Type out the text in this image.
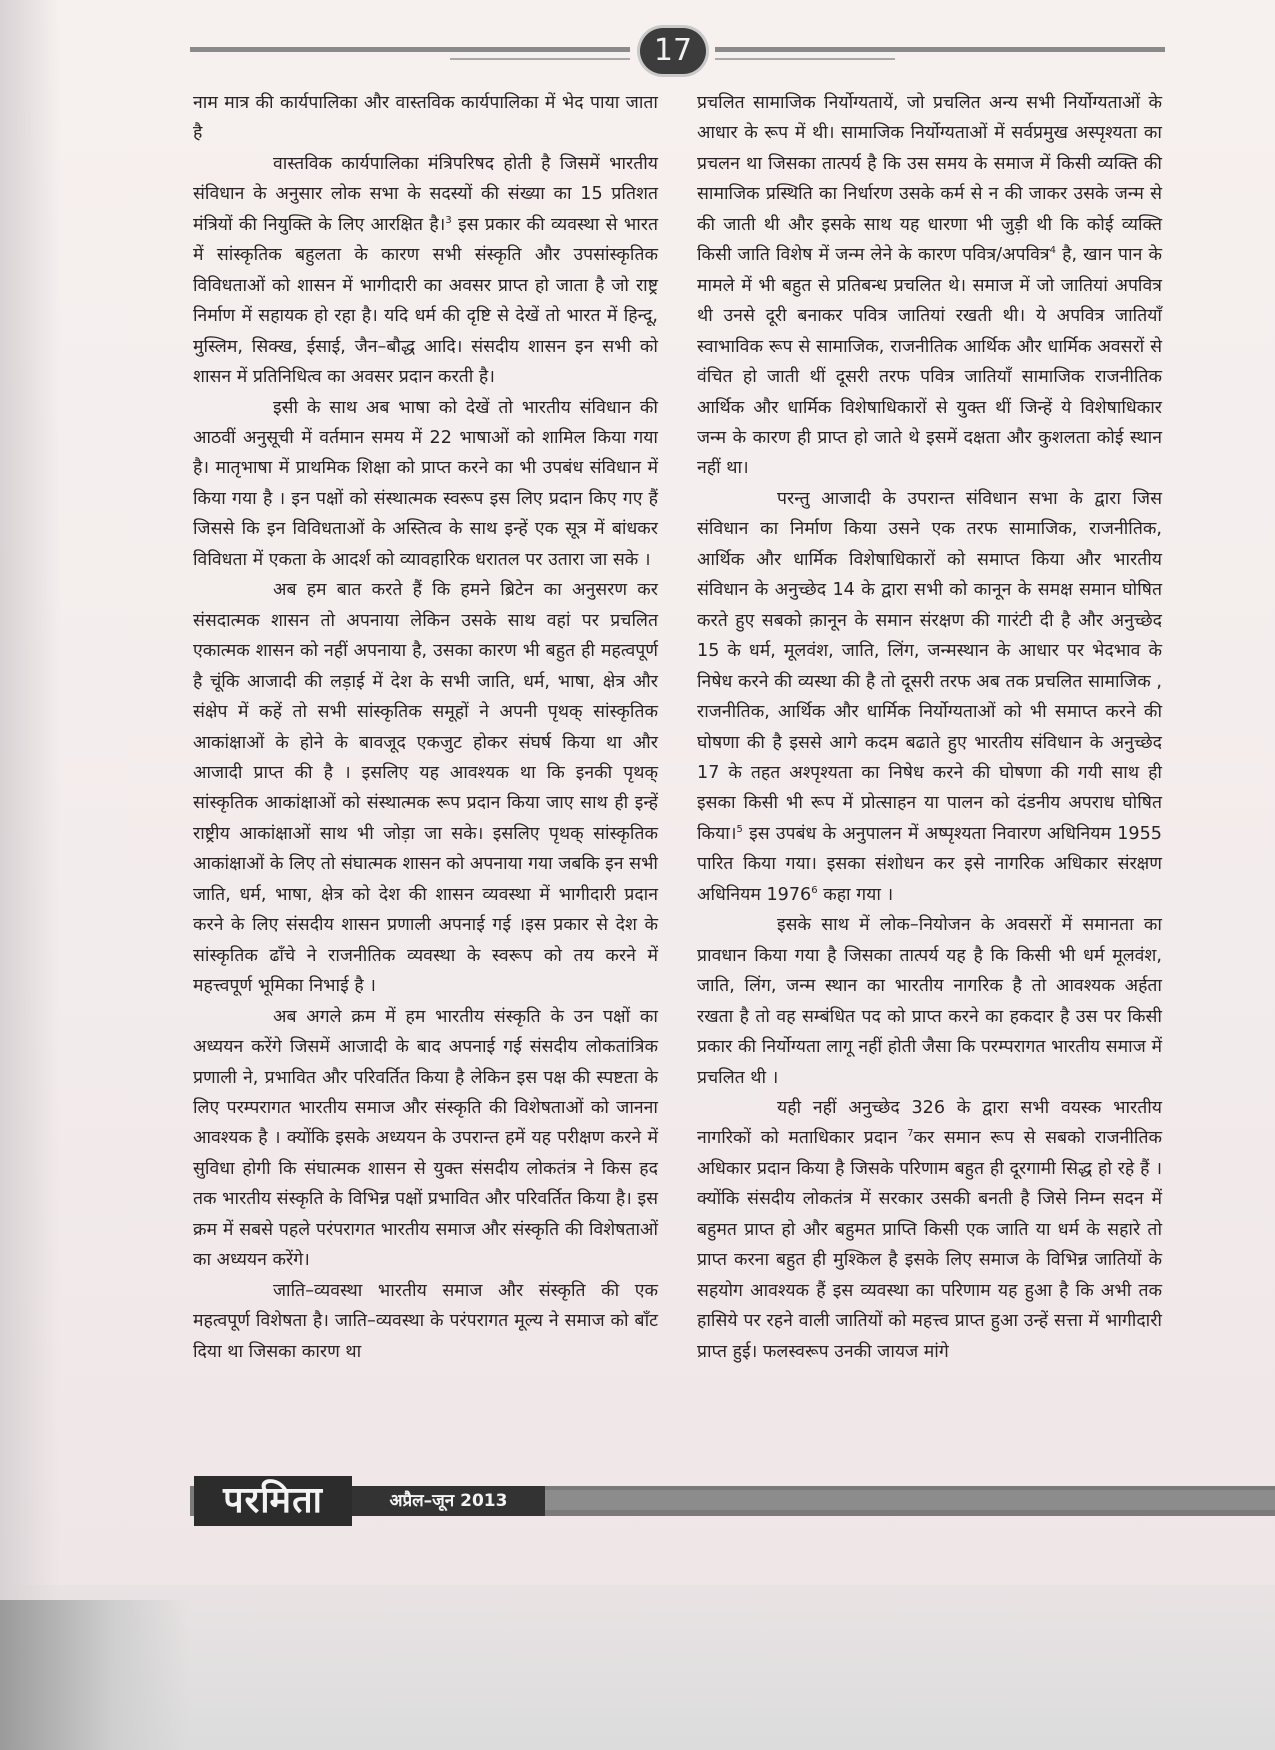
17

नाम मात्र की कार्यपालिका और वास्तविक कार्यपालिका में भेद पाया जाता है

वास्तविक कार्यपालिका मंत्रिपरिषद होती है जिसमें भारतीय संविधान के अनुसार लोक सभा के सदस्यों की संख्या का 15 प्रतिशत मंत्रियों की नियुक्ति के लिए आरक्षित है।$^3$ इस प्रकार की व्यवस्था से भारत में सांस्कृतिक बहुलता के कारण सभी संस्कृति और उपसांस्कृतिक विविधताओं को शासन में भागीदारी का अवसर प्राप्त हो जाता है जो राष्ट्र निर्माण में सहायक हो रहा है। यदि धर्म की दृष्टि से देखें तो भारत में हिन्दू, मुस्लिम, सिक्ख, ईसाई, जैन–बौद्ध आदि। संसदीय शासन इन सभी को शासन में प्रतिनिधित्व का अवसर प्रदान करती है।

इसी के साथ अब भाषा को देखें तो भारतीय संविधान की आठवीं अनुसूची में वर्तमान समय में 22 भाषाओं को शामिल किया गया है। मातृभाषा में प्राथमिक शिक्षा को प्राप्त करने का भी उपबंध संविधान में किया गया है । इन पक्षों को संस्थात्मक स्वरूप इस लिए प्रदान किए गए हैं जिससे कि इन विविधताओं के अस्तित्व के साथ इन्हें एक सूत्र में बांधकर विविधता में एकता के आदर्श को व्यावहारिक धरातल पर उतारा जा सके ।

अब हम बात करते हैं कि हमने ब्रिटेन का अनुसरण कर संसदात्मक शासन तो अपनाया लेकिन उसके साथ वहां पर प्रचलित एकात्मक शासन को नहीं अपनाया है, उसका कारण भी बहुत ही महत्वपूर्ण है चूंकि आजादी की लड़ाई में देश के सभी जाति, धर्म, भाषा, क्षेत्र और संक्षेप में कहें तो सभी सांस्कृतिक समूहों ने अपनी पृथक् सांस्कृतिक आकांक्षाओं के होने के बावजूद एकजुट होकर संघर्ष किया था और आजादी प्राप्त की है । इसलिए यह आवश्यक था कि इनकी पृथक् सांस्कृतिक आकांक्षाओं को संस्थात्मक रूप प्रदान किया जाए साथ ही इन्हें राष्ट्रीय आकांक्षाओं साथ भी जोड़ा जा सके। इसलिए पृथक् सांस्कृतिक आकांक्षाओं के लिए तो संघात्मक शासन को अपनाया गया जबकि इन सभी जाति, धर्म, भाषा, क्षेत्र को देश की शासन व्यवस्था में भागीदारी प्रदान करने के लिए संसदीय शासन प्रणाली अपनाई गई ।इस प्रकार से देश के सांस्कृतिक ढाँचे ने राजनीतिक व्यवस्था के स्वरूप को तय करने में महत्त्वपूर्ण भूमिका निभाई है ।

अब अगले क्रम में हम भारतीय संस्कृति के उन पक्षों का अध्ययन करेंगे जिसमें आजादी के बाद अपनाई गई संसदीय लोकतांत्रिक प्रणाली ने, प्रभावित और परिवर्तित किया है लेकिन इस पक्ष की स्पष्टता के लिए परम्परागत भारतीय समाज और संस्कृति की विशेषताओं को जानना आवश्यक है । क्योंकि इसके अध्ययन के उपरान्त हमें यह परीक्षण करने में सुविधा होगी कि संघात्मक शासन से युक्त संसदीय लोकतंत्र ने किस हद तक भारतीय संस्कृति के विभिन्न पक्षों प्रभावित और परिवर्तित किया है। इस क्रम में सबसे पहले परंपरागत भारतीय समाज और संस्कृति की विशेषताओं का अध्ययन करेंगे।

जाति–व्यवस्था भारतीय समाज और संस्कृति की एक महत्वपूर्ण विशेषता है। जाति–व्यवस्था के परंपरागत मूल्य ने समाज को बाँट दिया था जिसका कारण था

प्रचलित सामाजिक निर्योग्यतायें, जो प्रचलित अन्य सभी निर्योग्यताओं के आधार के रूप में थी। सामाजिक निर्योग्यताओं में सर्वप्रमुख अस्पृश्यता का प्रचलन था जिसका तात्पर्य है कि उस समय के समाज में किसी व्यक्ति की सामाजिक प्रस्थिति का निर्धारण उसके कर्म से न की जाकर उसके जन्म से की जाती थी और इसके साथ यह धारणा भी जुड़ी थी कि कोई व्यक्ति किसी जाति विशेष में जन्म लेने के कारण पवित्र/अपवित्र$^4$ है, खान पान के मामले में भी बहुत से प्रतिबन्ध प्रचलित थे। समाज में जो जातियां अपवित्र थी उनसे दूरी बनाकर पवित्र जातियां रखती थी। ये अपवित्र जातियाँ स्वाभाविक रूप से सामाजिक, राजनीतिक आर्थिक और धार्मिक अवसरों से वंचित हो जाती थीं दूसरी तरफ पवित्र जातियाँ सामाजिक राजनीतिक आर्थिक और धार्मिक विशेषाधिकारों से युक्त थीं जिन्हें ये विशेषाधिकार जन्म के कारण ही प्राप्त हो जाते थे इसमें दक्षता और कुशलता कोई स्थान नहीं था।

परन्तु आजादी के उपरान्त संविधान सभा के द्वारा जिस संविधान का निर्माण किया उसने एक तरफ सामाजिक, राजनीतिक, आर्थिक और धार्मिक विशेषाधिकारों को समाप्त किया और भारतीय संविधान के अनुच्छेद 14 के द्वारा सभी को कानून के समक्ष समान घोषित करते हुए सबको क़ानून के समान संरक्षण की गारंटी दी है और अनुच्छेद 15 के धर्म, मूलवंश, जाति, लिंग, जन्मस्थान के आधार पर भेदभाव के निषेध करने की व्यस्था की है तो दूसरी तरफ अब तक प्रचलित सामाजिक , राजनीतिक, आर्थिक और धार्मिक निर्योग्यताओं को भी समाप्त करने की घोषणा की है इससे आगे कदम बढाते हुए भारतीय संविधान के अनुच्छेद 17 के तहत अश्पृश्यता का निषेध करने की घोषणा की गयी साथ ही इसका किसी भी रूप में प्रोत्साहन या पालन को दंडनीय अपराध घोषित किया।$^5$ इस उपबंध के अनुपालन में अष्पृश्यता निवारण अधिनियम 1955 पारित किया गया। इसका संशोधन कर इसे नागरिक अधिकार संरक्षण अधिनियम 1976$^6$ कहा गया ।

इसके साथ में लोक–नियोजन के अवसरों में समानता का प्रावधान किया गया है जिसका तात्पर्य यह है कि किसी भी धर्म मूलवंश, जाति, लिंग, जन्म स्थान का भारतीय नागरिक है तो आवश्यक अर्हता रखता है तो वह सम्बंधित पद को प्राप्त करने का हकदार है उस पर किसी प्रकार की निर्योग्यता लागू नहीं होती जैसा कि परम्परागत भारतीय समाज में प्रचलित थी ।

यही नहीं अनुच्छेद 326 के द्वारा सभी वयस्क भारतीय नागरिकों को मताधिकार प्रदान $^7$कर समान रूप से सबको राजनीतिक अधिकार प्रदान किया है जिसके परिणाम बहुत ही दूरगामी सिद्ध हो रहे हैं । क्योंकि संसदीय लोकतंत्र में सरकार उसकी बनती है जिसे निम्न सदन में बहुमत प्राप्त हो और बहुमत प्राप्ति किसी एक जाति या धर्म के सहारे तो प्राप्त करना बहुत ही मुश्किल है इसके लिए समाज के विभिन्न जातियों के सहयोग आवश्यक हैं इस व्यवस्था का परिणाम यह हुआ है कि अभी तक हासिये पर रहने वाली जातियों को महत्त्व प्राप्त हुआ उन्हें सत्ता में भागीदारी प्राप्त हुई। फलस्वरूप उनकी जायज मांगे

परमिता	अप्रैल–जून 2013
